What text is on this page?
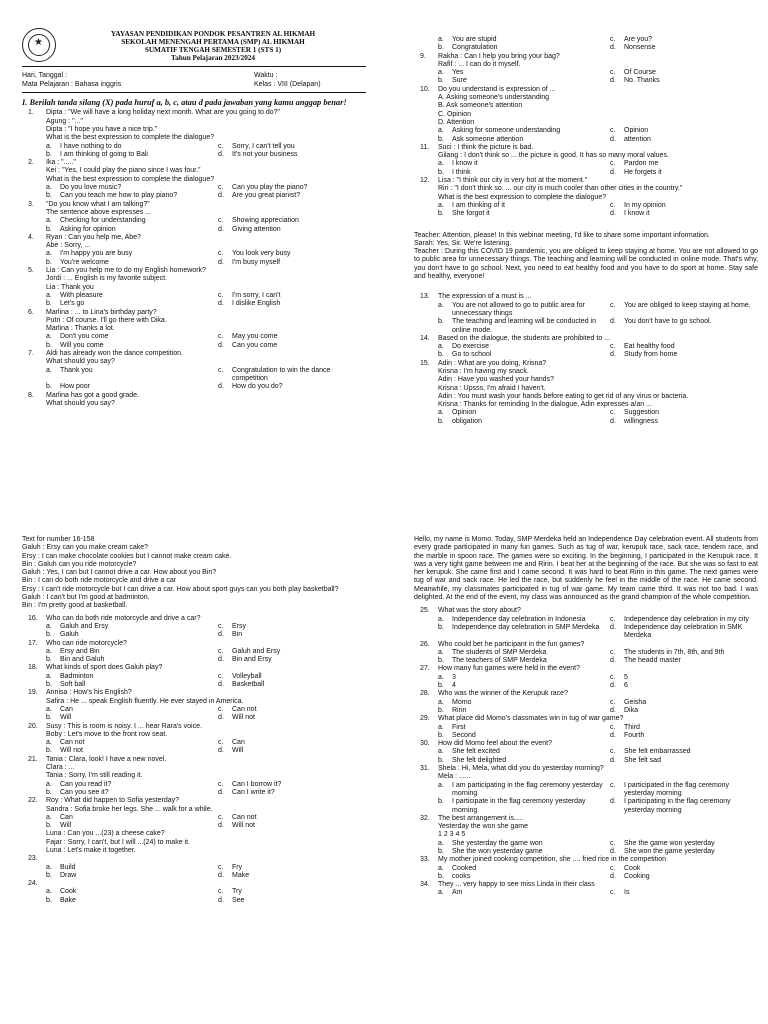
★
YAYASAN PENDIDIKAN PONDOK PESANTREN AL HIKMAH
SEKOLAH MENENGAH PERTAMA (SMP) AL HIKMAH
SUMATIF TENGAH SEMESTER 1 (STS 1)
Tahun Pelajaran 2023/2024
Hari, Tanggal :	Waktu :
Mata Pelajaran : Bahasa inggris	Kelas : VIII (Delapan)
I. Berilah tanda silang (X) pada huruf a, b, c, atau d pada jawaban yang kamu anggap benar!
1. Dipta : "We will have a long holiday next month. What are you going to do?"
Agung : "..."
Dipta : "I hope you have a nice trip."
What is the best expression to complete the dialogue?
a.	I have nothing to do	c.	Sorry, I can't tell you
b.	I am thinking of going to Bali	d.	It's not your business
2. Ika : "....."
Kei : "Yes, I could play the piano since I was four."
What is the best expression to complete the dialogue?
a.	Do you love music?	c.	Can you play the piano?
b.	Can you teach me how to play piano?	d.	Are you great pianist?
3. "Do you know what I am talking?"
The sentence above expresses ...
a.	Checking for understanding	c.	Showing appreciation
b.	Asking for opinion	d.	Giving attention
4. Ryan : Can you help me, Abe?
Abe : Sorry, ...
a.	I'm happy you are busy	c.	You look very busy
b.	You're welcome	d.	I'm busy myself
5. Lia : Can you help me to do my English homework?
Jordi : ... English is my favorite subject.
Lia : Thank you
a.	With pleasure	c.	I'm sorry, I can't
b.	Let's go	d.	I dislike English
6. Marlina : ... to Lina's birthday party?
Putri : Of course. I'll go there with Dika.
Marlina : Thanks a lot.
a.	Don't you come	c.	May you come
b.	Will you come	d.	Can you come
7. Aldi has already won the dance competition.
What should you say?
a.	Thank you	c.	Congratulation to win the dance competition
b.	How poor	d.	How do you do?
8. Marlina has got a good grade.
What should you say?
a.	You are stupid	c.	Are you?
b.	Congratulation	d.	Nonsense
9. Rakha : Can I help you bring your bag?
Rafif : ... I can do it myself.
a.	Yes	c.	Of Course
b.	Sure	d.	No. Thanks
10. Do you understand is expression of ...
A. Asking someone's understanding
B. Ask someone's attention
C. Opinion
D. Attention
a.	Asking for someone understanding	c.	Opinion
b.	Ask someone attention	d.	attention
11. Suci : I think the picture is bad.
Gilang : I don't think so ... the picture is good. It has so many moral values.
a.	I know it	c.	Pardon me
b.	I think	d.	He forgets it
12. Lisa : "I think our city is very hot at the moment."
Riri : "I don't think so. ... our city is much cooler than other cities in the country."
What is the best expression to complete the dialogue?
a.	I am thinking of it	c.	In my opinion
b.	She forgot it	d.	I know it
Teacher: Attention, please! In this webinar meeting, I'd like to share some important information.
Sarah: Yes, Sir. We're listening.
Teacher : During this COVID 19 pandemic, you are obliged to keep staying at home. You are not allowed to go to public area for unnecessary things. The teaching and learning will be conducted in online mode. That's why, you don't have to go school. Next, you need to eat healthy food and you have to do sport at home. Stay safe and healthy, everyone!
13. The expression of a must is ...
a.	You are not allowed to go to public area for unnecessary things
c.	You are obliged to keep staying at home.
b.	The teaching and learning will be conducted in online mode.
d.	You don't have to go school.
14. Based on the dialogue, the students are prohibited to ...
a.	Do exercise	c.	Eat healthy food
b.	Go to school	d.	Study from home
15. Adin : What are you doing, Krisna?
Krisna : I'm having my snack.
Adin : Have you washed your hands?
Krisna : Upsss, I'm afraid I haven't.
Adin : You must wash your hands before eating to get rid of any virus or bacteria.
Krisna : Thanks for reminding In the dialogue, Adin expresses a/an ...
a.	Opinion	c.	Suggestion
b.	obligation	d.	willingness
Text for number 16-158
Galuh : Ersy can you make cream cake?
Ersy : I can make chocolate cookies but I cannot make cream cake.
Bin : Galuh can you ride motorcycle?
Galuh : Yes, I can but I cannot drive a car. How about you Bin?
Bin : I can do both ride motorcycle and drive a car
Ersy : I can't ride motorcycle but I can drive a car. How about sport guys can you both play basketball?
Galuh : I can't but I'm good at badminton.
Bin : I'm pretty good at basketball.
16. Who can do both ride motorcycle and drive a car?
a.	Galuh and Ersy	c.	Ersy
b.	Galuh	d.	Bin
17. Who can ride motorcycle?
a.	Ersy and Bin	c.	Galuh and Ersy
b.	Bin and Galuh	d.	Bin and Ersy
18. What kinds of sport does Galuh play?
a.	Badminton	c.	Volleyball
b.	Soft ball	d.	Basketball
19. Annisa : How's his English?
Safira : He ... speak English fluently. He ever stayed in America.
a.	Can	c.	Can not
b.	Will	d.	Will not
20. Susy : This is room is noisy. I ... hear Rara's voice.
Boby : Let's move to the front row seat.
a.	Can not	c.	Can
b.	Will not	d.	Will
21. Tania : Clara, look! I have a new novel.
Clara : ...
Tania : Sorry, I'm still reading it.
a.	Can you read it?	c.	Can I borrow it?
b.	Can you see it?	d.	Can I write it?
22. Roy : What did happen to Sofia yesterday?
Sandra : Sofia broke her legs. She ... walk for a while.
a.	Can	c.	Can not
b.	Will	d.	Will not
Luna : Can you ...(23) a cheese cake?
Fajar : Sorry, I can't, but I will ...(24) to make it.
Luna : Let's make it together.
23.
a.	Build	c.	Fry
b.	Draw	d.	Make
24.
a.	Cook	c.	Try
b.	Bake	d.	See
Hello, my name is Momo. Today, SMP Merdeka held an Independence Day celebration event. All students from every grade participated in many fun games. Such as tug of war, kerupuk race, sack race, tendem race, and the marble in spoon race. The games were so exciting. In the beginning, I participated in the Kerupuk race. It was a very tight game between me and Ririn. I beat her at the beginning of the race. But she was so fast to eat her kerupuk. She came first and I came second. It was hard to beat Ririn in this game. The next games were tug of war and sack race. He led the race, but suddenly he feel in the middle of the race. He came second. Meanwhile, my classmates participated in tug of war game. My team came third. It was not too bad. I was delighted. At the end of the event, my class was announced as the grand champion of the whole competition.
25. What was the story about?
a.	Independence day celebration in Indonesia	c.	Independence day celebration in my city
b.	Independence day celebration in SMP Merdeka	d.	Independence day celebration in SMK Merdeka
26. Who could bet he participant in the fun games?
a.	The students of SMP Merdeka	c.	The students in 7th, 8th, and 9th
b.	The teachers of SMP Merdeka	d.	The headd master
27. How many fun games were held in the event?
a.	3	c.	5
b.	4	d.	6
28. Who was the winner of the Kerupuk race?
a.	Momo	c.	Geisha
b.	Ririn	d.	Dika
29. What place did Momo's classmates win in tug of war game?
a.	First	c.	Third
b.	Second	d.	Fourth
30. How did Momo feel about the event?
a.	She felt excited	c.	She felt embarrassed
b.	She felt delighted	d.	She felt sad
31. Shela : Hi, Mela, what did you do yesterday morning?
Mela : ......
a.	I am participating in the flag ceremony yesterday morning
c.	I participated in the flag ceremony yesterday morning
b.	I participate in the flag ceremony yesterday morning
d.	I participating in the flag ceremony yesterday morning
32. The best arrangement is.....
Yesterday the won she game
1 2 3 4 5
a.	She yesterday the game won	c.	She the game won yesterday
b.	She the won yesterday game	d.	She won the game yesterday
33. My mother joined cooking competition, she .... fried rice in the competition
a.	Cooked	c.	Cook
b.	cooks	d.	Cooking
34. They ... very happy to see miss Linda in their class
a.	Am	c.	Is
